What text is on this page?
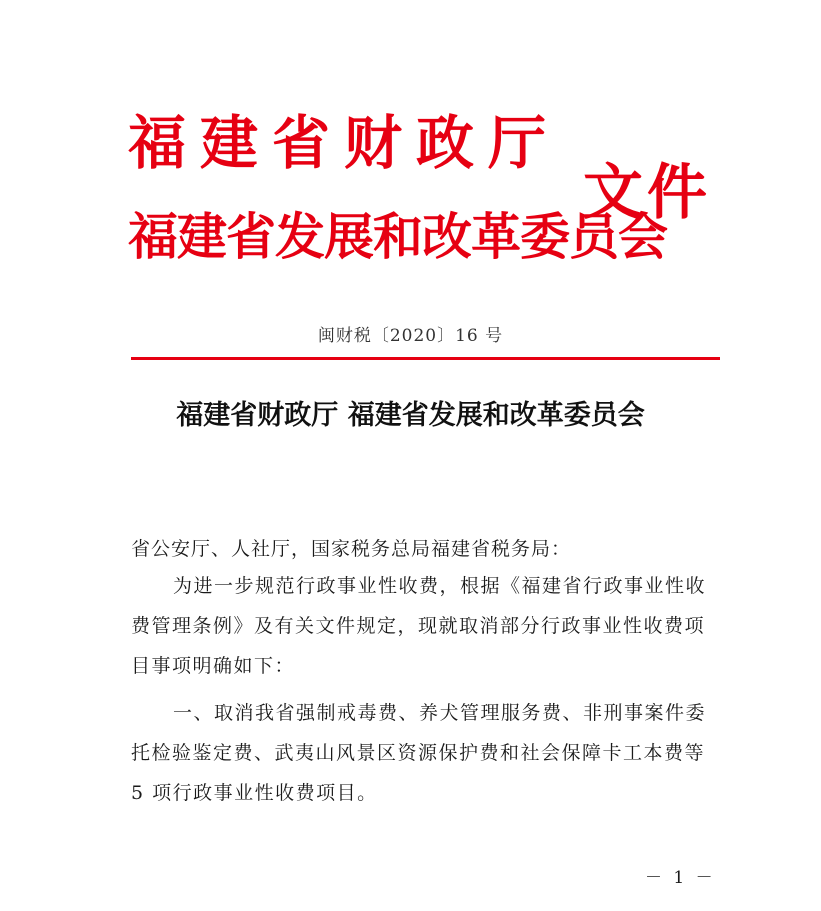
福建省财政厅
福建省发展和改革委员会
文件
闽财税〔2020〕16 号
福建省财政厅 福建省发展和改革委员会
省公安厅、人社厅，国家税务总局福建省税务局：
为进一步规范行政事业性收费，根据《福建省行政事业性收
费管理条例》及有关文件规定，现就取消部分行政事业性收费项
目事项明确如下：
一、取消我省强制戒毒费、养犬管理服务费、非刑事案件委
托检验鉴定费、武夷山风景区资源保护费和社会保障卡工本费等
5 项行政事业性收费项目。
－ 1 －
